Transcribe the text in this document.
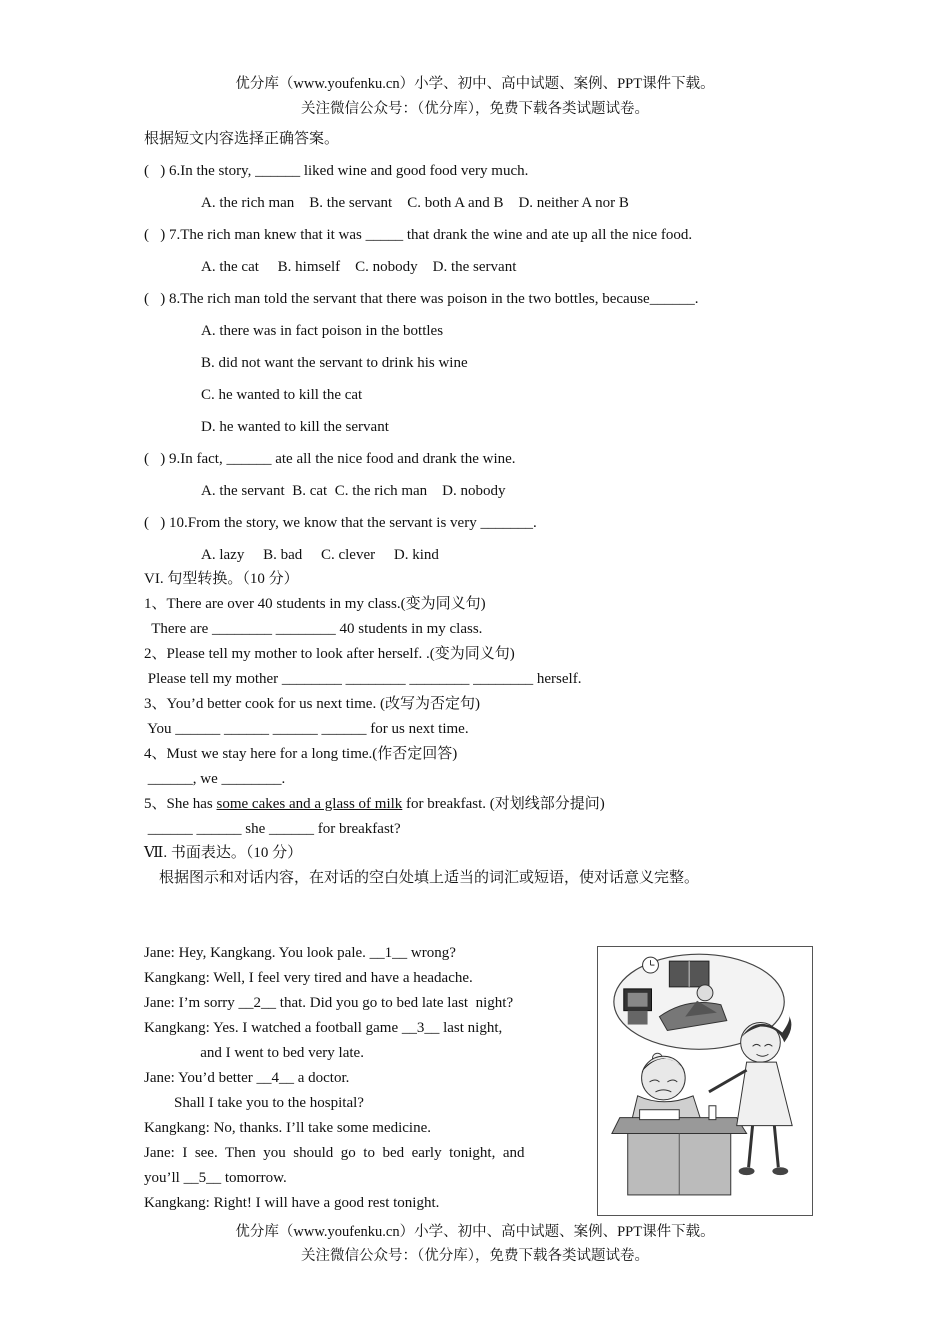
优分库（www.youfenku.cn）小学、初中、高中试题、案例、PPT课件下载。
关注微信公众号：（优分库），免费下载各类试题试卷。
根据短文内容选择正确答案。
(   ) 6.In the story, ______ liked wine and good food very much.
A. the rich man    B. the servant    C. both A and B    D. neither A nor B
(   ) 7.The rich man knew that it was _____ that drank the wine and ate up all the nice food.
A. the cat     B. himself    C. nobody    D. the servant
(   ) 8.The rich man told the servant that there was poison in the two bottles, because______.
A. there was in fact poison in the bottles
B. did not want the servant to drink his wine
C. he wanted to kill the cat
D. he wanted to kill the servant
(   ) 9.In fact, ______ ate all the nice food and drank the wine.
A. the servant  B. cat  C. the rich man    D. nobody
(   ) 10.From the story, we know that the servant is very _______.
A. lazy     B. bad     C. clever     D. kind
VI. 句型转换。（10 分）
1、There are over 40 students in my class.(变为同义句)
There are ________ ________ 40 students in my class.
2、Please tell my mother to look after herself. .(变为同义句)
Please tell my mother ________ ________ ________ ________ herself.
3、You’d better cook for us next time. (改写为否定句)
You ______ ______ ______ ______ for us next time.
4、Must we stay here for a long time.(作否定回答)
______, we ________.
5、She has some cakes and a glass of milk for breakfast. (对划线部分提问)
______ ______ she ______ for breakfast?
Ⅶ. 书面表达。（10 分）
根据图示和对话内容，在对话的空白处填上适当的词汇或短语，使对话意义完整。
Jane: Hey, Kangkang. You look pale. __1__ wrong?
Kangkang: Well, I feel very tired and have a headache.
Jane: I’m sorry __2__ that. Did you go to bed late last  night?
Kangkang: Yes. I watched a football game __3__ last night,
and I went to bed very late.
Jane: You’d better __4__ a doctor.
Shall I take you to the hospital?
Kangkang: No, thanks. I’ll take some medicine.
Jane:  I  see.  Then  you  should  go  to  bed  early  tonight,  and
you’ll __5__ tomorrow.
Kangkang: Right! I will have a good rest tonight.
优分库（www.youfenku.cn）小学、初中、高中试题、案例、PPT课件下载。
关注微信公众号：（优分库），免费下载各类试题试卷。
